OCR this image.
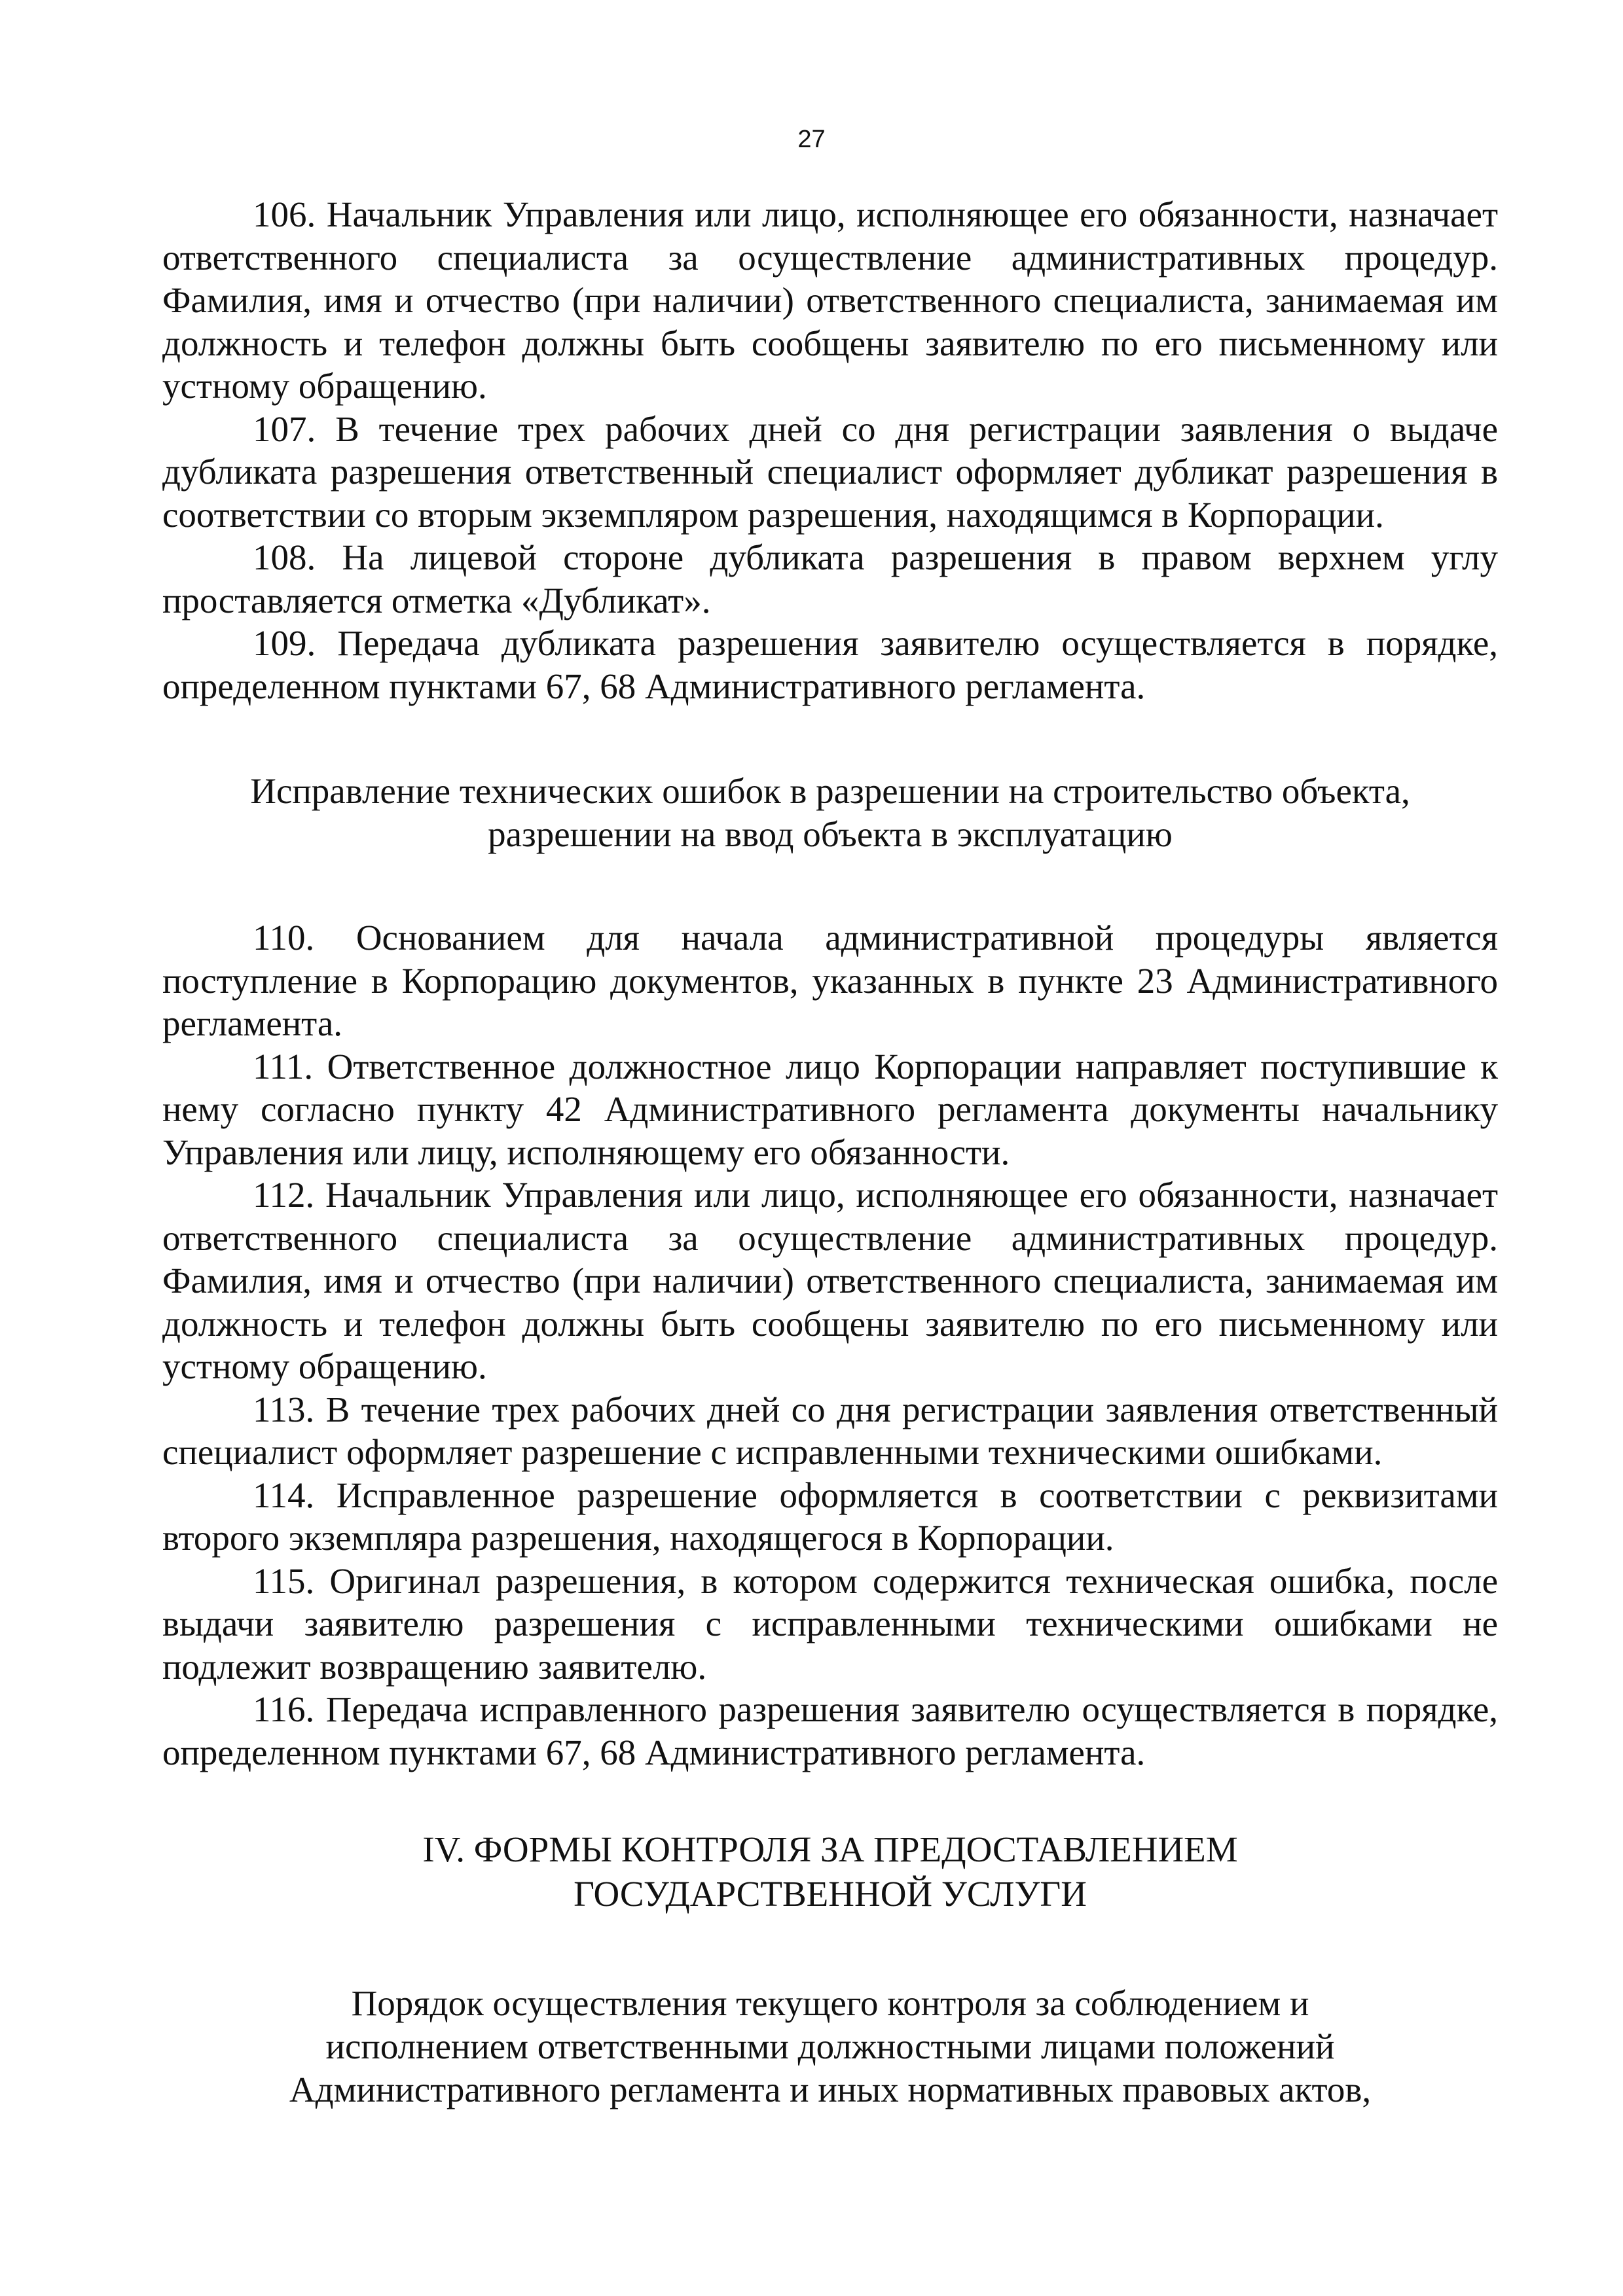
27

106. Начальник Управления или лицо, исполняющее его обязанности, назначает ответственного специалиста за осуществление административных процедур. Фамилия, имя и отчество (при наличии) ответственного специалиста, занимаемая им должность и телефон должны быть сообщены заявителю по его письменному или устному обращению.

107. В течение трех рабочих дней со дня регистрации заявления о выдаче дубликата разрешения ответственный специалист оформляет дубликат разрешения в соответствии со вторым экземпляром разрешения, находящимся в Корпорации.

108. На лицевой стороне дубликата разрешения в правом верхнем углу проставляется отметка «Дубликат».

109. Передача дубликата разрешения заявителю осуществляется в порядке, определенном пунктами 67, 68 Административного регламента.

Исправление технических ошибок в разрешении на строительство объекта,

разрешении на ввод объекта в эксплуатацию

110. Основанием для начала административной процедуры является поступление в Корпорацию документов, указанных в пункте 23 Административного регламента.

111. Ответственное должностное лицо Корпорации направляет поступившие к нему согласно пункту 42 Административного регламента документы начальнику Управления или лицу, исполняющему его обязанности.

112. Начальник Управления или лицо, исполняющее его обязанности, назначает ответственного специалиста за осуществление административных процедур. Фамилия, имя и отчество (при наличии) ответственного специалиста, занимаемая им должность и телефон должны быть сообщены заявителю по его письменному или устному обращению.

113. В течение трех рабочих дней со дня регистрации заявления ответственный специалист оформляет разрешение с исправленными техническими ошибками.

114. Исправленное разрешение оформляется в соответствии с реквизитами второго экземпляра разрешения, находящегося в Корпорации.

115. Оригинал разрешения, в котором содержится техническая ошибка, после выдачи заявителю разрешения с исправленными техническими ошибками не подлежит возвращению заявителю.

116. Передача исправленного разрешения заявителю осуществляется в порядке, определенном пунктами 67, 68 Административного регламента.

IV. ФОРМЫ КОНТРОЛЯ ЗА ПРЕДОСТАВЛЕНИЕМ

ГОСУДАРСТВЕННОЙ УСЛУГИ

Порядок осуществления текущего контроля за соблюдением и

исполнением ответственными должностными лицами положений

Административного регламента и иных нормативных правовых актов,
